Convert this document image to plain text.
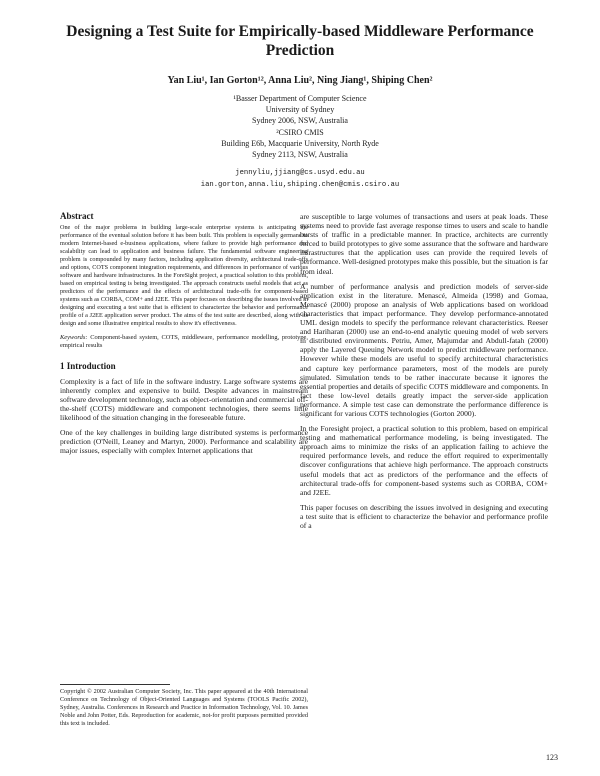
Designing a Test Suite for Empirically-based Middleware Performance Prediction
Yan Liu¹, Ian Gorton¹², Anna Liu², Ning Jiang¹, Shiping Chen²
¹Basser Department of Computer Science
University of Sydney
Sydney 2006, NSW, Australia
²CSIRO CMIS
Building E6b, Macquarie University, North Ryde
Sydney 2113, NSW, Australia
jennyliu,jjiang@cs.usyd.edu.au
ian.gorton,anna.liu,shiping.chen@cmis.csiro.au
Abstract

One of the major problems in building large-scale enterprise systems is anticipating the performance of the eventual solution before it has been built. This problem is especially germane to modern Internet-based e-business applications, where failure to provide high performance and scalability can lead to application and business failure. The fundamental software engineering problem is compounded by many factors, including application diversity, architectural trade-offs and options, COTS component integration requirements, and differences in performance of various software and hardware infrastructures. In the ForeSight project, a practical solution to this problem, based on empirical testing is being investigated. The approach constructs useful models that act as predictors of the performance and the effects of architectural trade-offs for component-based systems such as CORBA, COM+ and J2EE. This paper focuses on describing the issues involved in designing and executing a test suite that is efficient to characterize the behavior and performance profile of a J2EE application server product. The aims of the test suite are described, along with its design and some illustrative empirical results to show it's effectiveness.

Keywords: Component-based system, COTS, middleware, performance modelling, prototype, empirical results

1 Introduction

Complexity is a fact of life in the software industry. Large software systems are inherently complex and expensive to build. Despite advances in mainstream software development technology, such as object-orientation and commercial off-the-shelf (COTS) middleware and component technologies, there seems little likelihood of the situation changing in the foreseeable future.

One of the key challenges in building large distributed systems is performance prediction (O'Neill, Leaney and Martyn, 2000). Performance and scalability are major issues, especially with complex Internet applications that

Copyright © 2002 Australian Computer Society, Inc. This paper appeared at the 40th International Conference on Technology of Object-Oriented Languages and Systems (TOOLS Pacific 2002), Sydney, Australia. Conferences in Research and Practice in Information Technology, Vol. 10. James Noble and John Potter, Eds. Reproduction for academic, not-for profit purposes permitted provided this text is included.

are susceptible to large volumes of transactions and users at peak loads. These systems need to provide fast average response times to users and scale to handle bursts of traffic in a predictable manner. In practice, architects are currently forced to build prototypes to give some assurance that the software and hardware infrastructures that the application uses can provide the required levels of performance. Well-designed prototypes make this possible, but the situation is far from ideal.

A number of performance analysis and prediction models of server-side application exist in the literature. Menascé, Almeida (1998) and Gomaa, Menascé (2000) propose an analysis of Web applications based on workload characteristics that impact performance. They develop performance-annotated UML design models to specify the performance relevant characteristics. Reeser and Hariharan (2000) use an end-to-end analytic queuing model of web servers in distributed environments. Petriu, Amer, Majumdar and Abdull-fatah (2000) apply the Layered Queuing Network model to predict middleware performance. However while these models are useful to specify architectural characteristics and capture key performance parameters, most of the models are purely simulated. Simulation tends to be rather inaccurate because it ignores the essential properties and details of specific COTS middleware and components. In fact these low-level details greatly impact the server-side application performance. A simple test case can demonstrate the performance difference is significant for various COTS technologies (Gorton 2000).

In the Foresight project, a practical solution to this problem, based on empirical testing and mathematical performance modeling, is being investigated. The approach aims to minimize the risks of an application failing to achieve the required performance levels, and reduce the effort required to experimentally discover configurations that achieve high performance. The approach constructs useful models that act as predictors of the performance and the effects of architectural trade-offs for component-based systems such as CORBA, COM+ and J2EE.

This paper focuses on describing the issues involved in designing and executing a test suite that is efficient to characterize the behavior and performance profile of a

123
